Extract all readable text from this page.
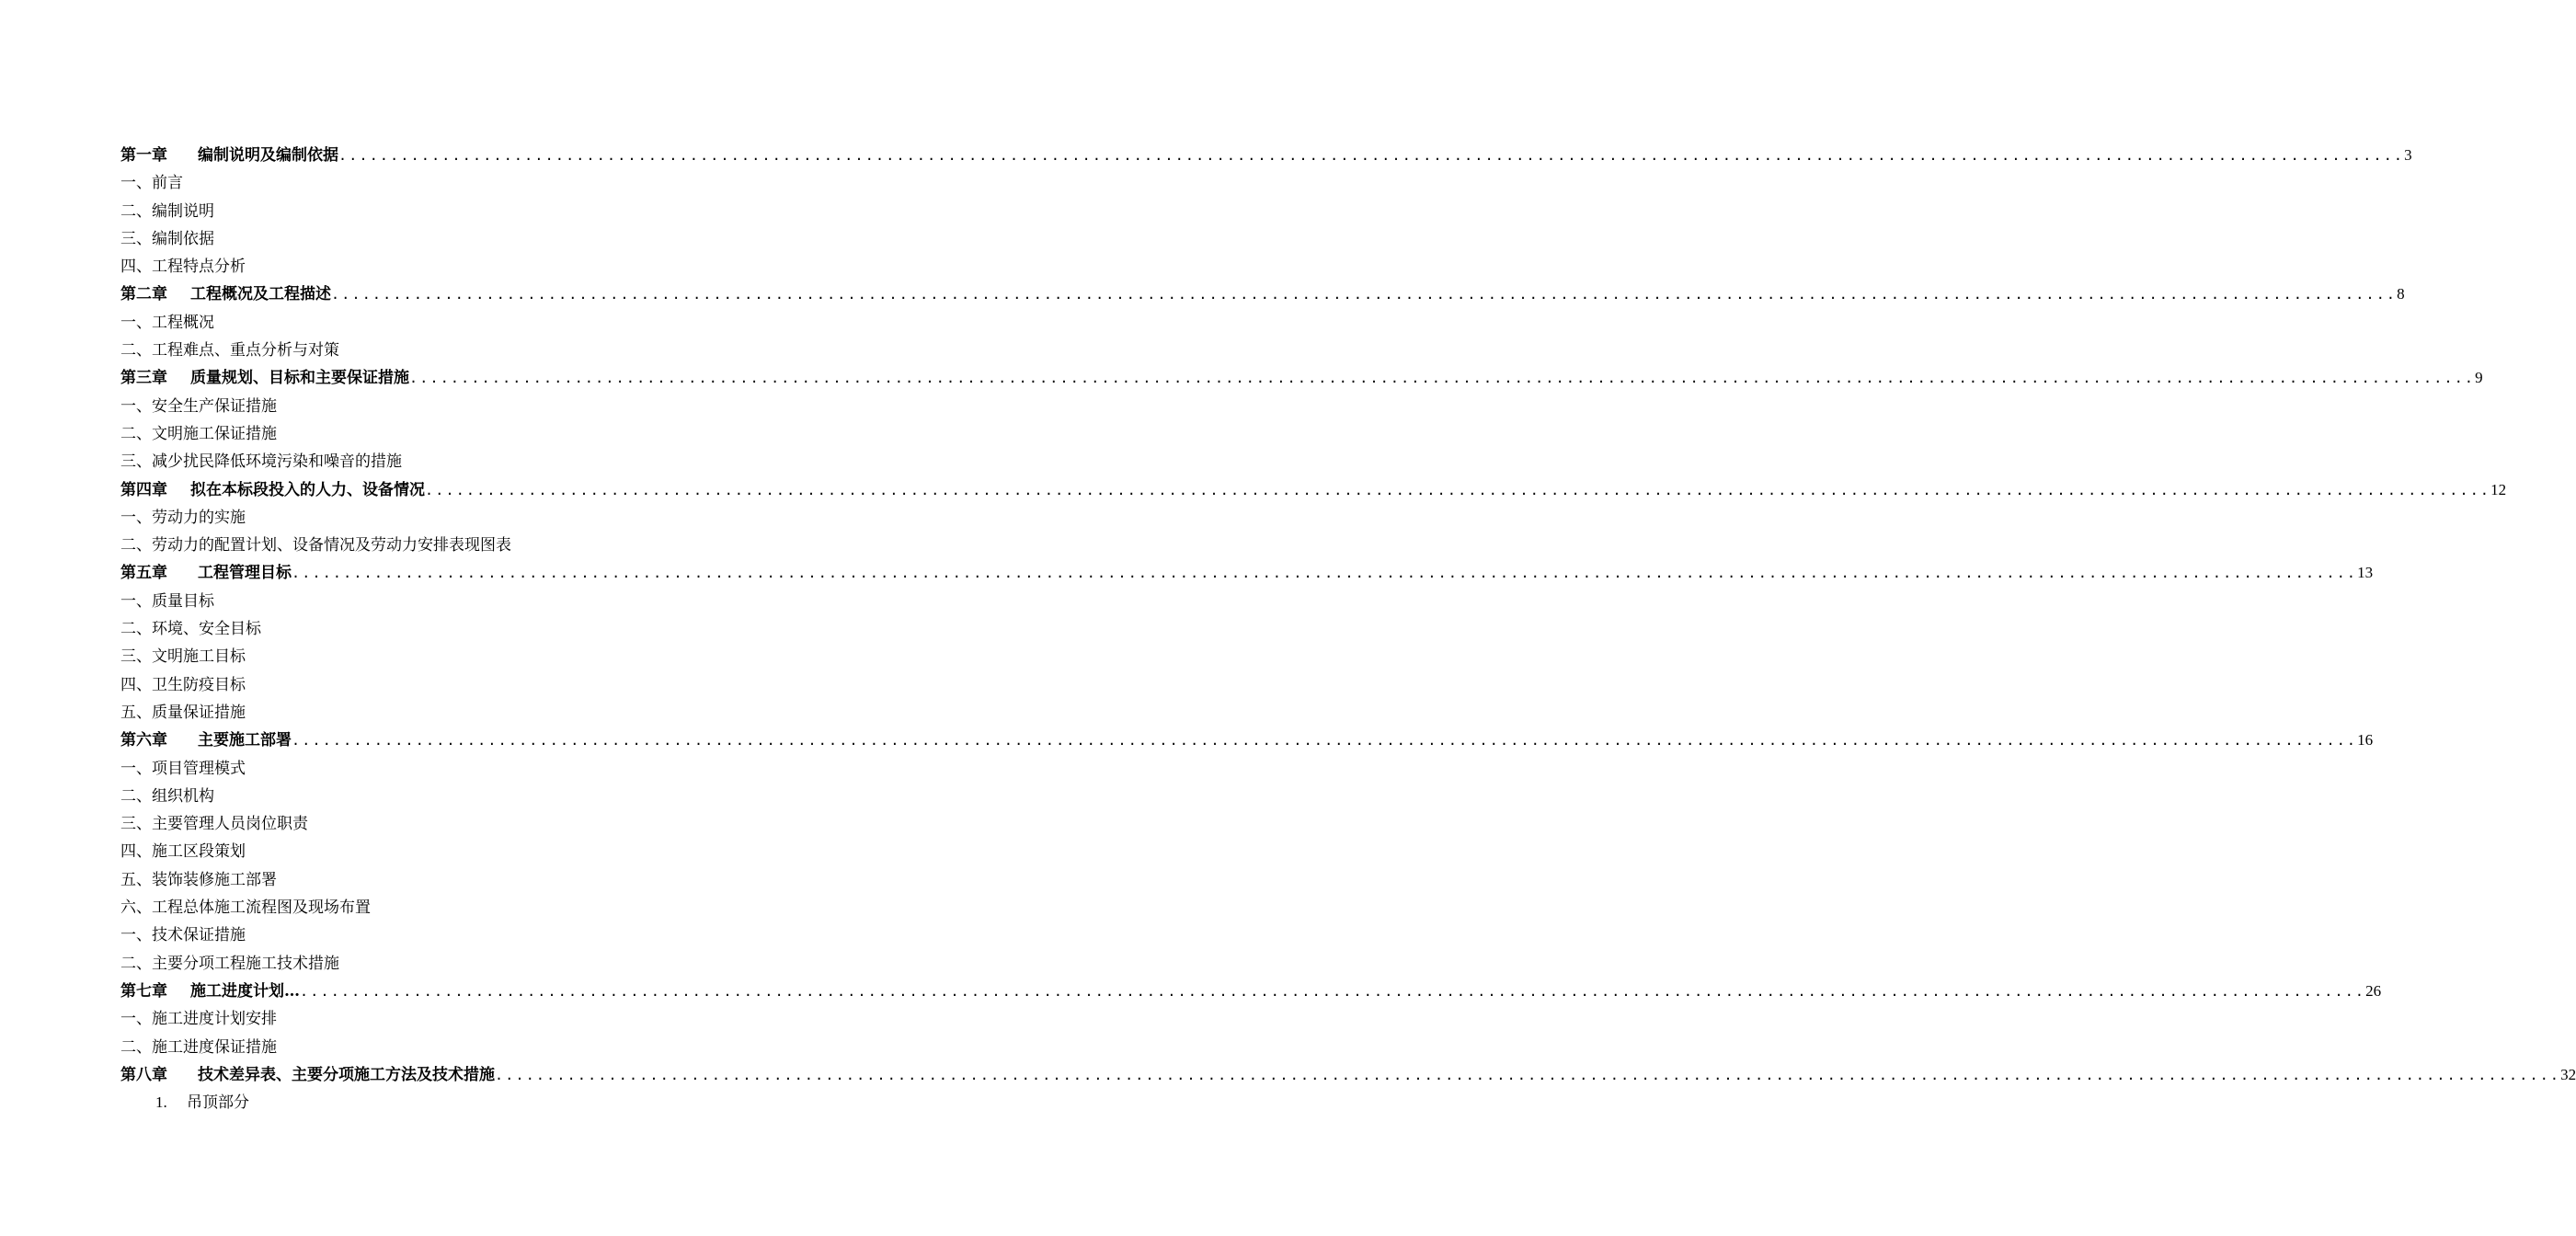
第一章	编制说明及编制依据 ........................................................................................................................................................................................................ 3
一、前言
二、编制说明
三、编制依据
四、工程特点分析
第二章	工程概况及工程描述 ........................................................................................................................................................................................................ 8
一、工程概况
二、工程难点、重点分析与对策
第三章	质量规划、目标和主要保证措施 ........................................................................................................................................................................................................ 9
一、安全生产保证措施
二、文明施工保证措施
三、减少扰民降低环境污染和噪音的措施
第四章	拟在本标段投入的人力、设备情况 ........................................................................................................................................................................................................ 12
一、劳动力的实施
二、劳动力的配置计划、设备情况及劳动力安排表现图表
第五章	工程管理目标 ........................................................................................................................................................................................................ 13
一、质量目标
二、环境、安全目标
三、文明施工目标
四、卫生防疫目标
五、质量保证措施
第六章	主要施工部署 ........................................................................................................................................................................................................ 16
一、项目管理模式
二、组织机构
三、主要管理人员岗位职责
四、施工区段策划
五、装饰装修施工部署
六、工程总体施工流程图及现场布置
一、技术保证措施
二、主要分项工程施工技术措施
第七章	施工进度计划… ........................................................................................................................................................................................................ 26
一、施工进度计划安排
二、施工进度保证措施
第八章	技术差异表、主要分项施工方法及技术措施 ........................................................................................................................................................................................................ 32
1.	吊顶部分
